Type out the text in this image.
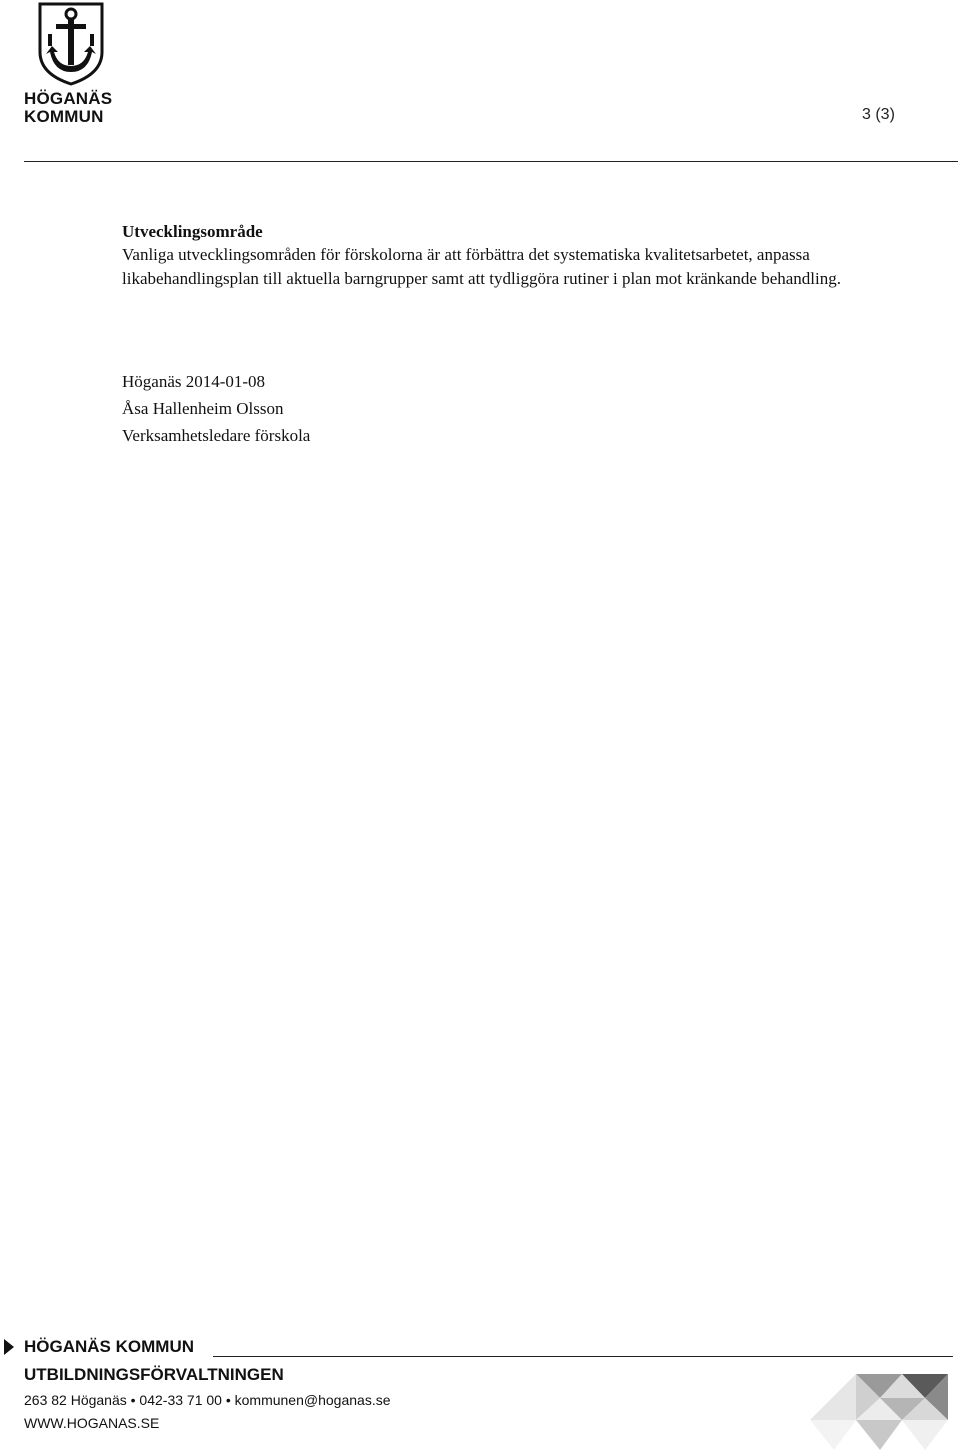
HÖGANÄS
KOMMUN	3 (3)
Utvecklingsområde

Vanliga utvecklingsområden för förskolorna är att förbättra det systematiska kvalitetsarbetet, anpassa likabehandlingsplan till aktuella barngrupper samt att tydliggöra rutiner i plan mot kränkande behandling.

Höganäs 2014-01-08
Åsa Hallenheim Olsson
Verksamhetsledare förskola
HÖGANÄS KOMMUN
UTBILDNINGSFÖRVALTNINGEN
263 82 Höganäs • 042-33 71 00 • kommunen@hoganas.se
WWW.HOGANAS.SE
